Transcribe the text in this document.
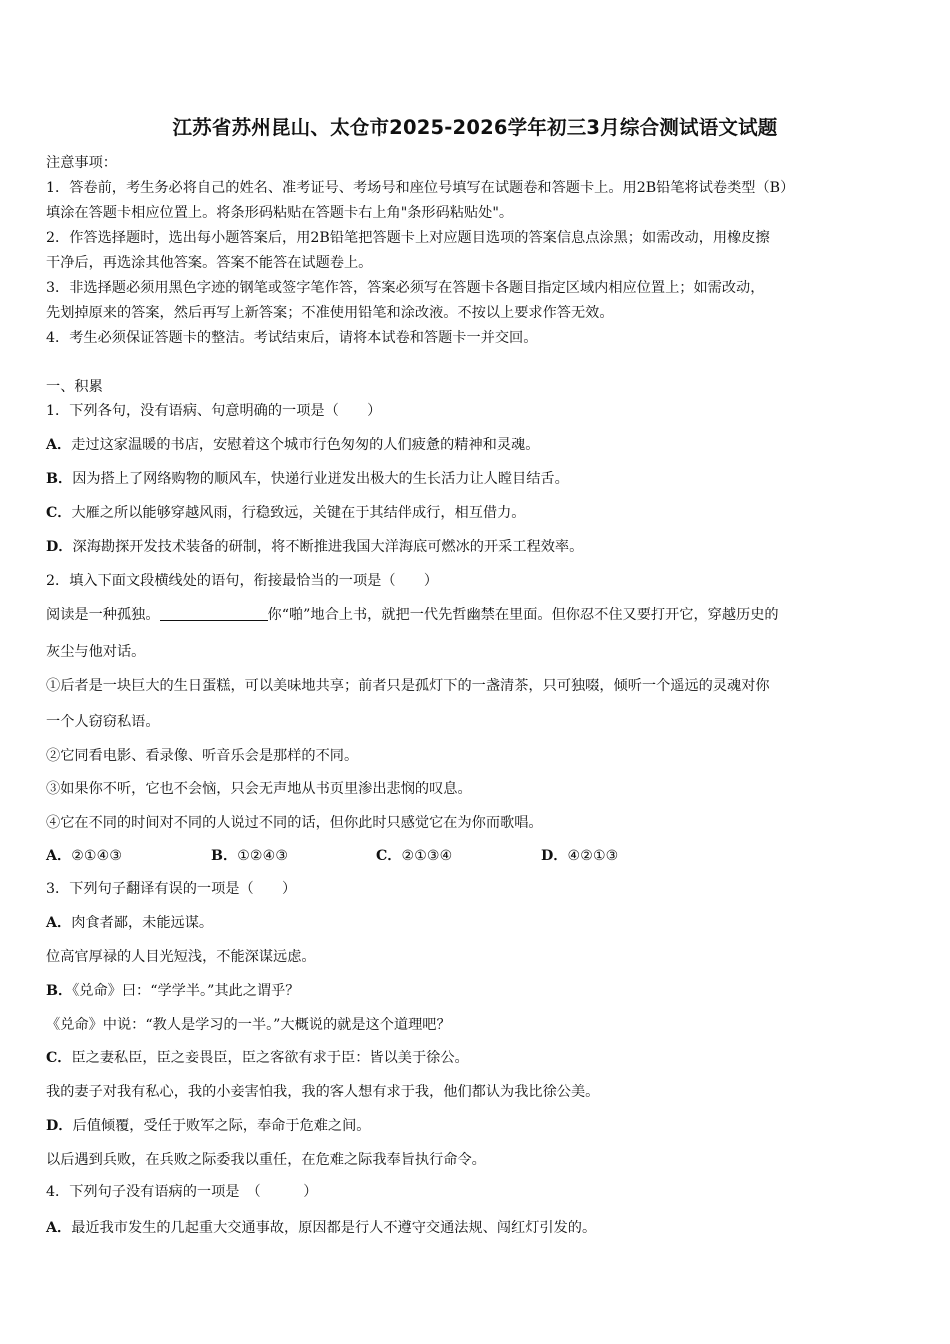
江苏省苏州昆山、太仓市2025-2026学年初三3月综合测试语文试题
注意事项：
1．答卷前，考生务必将自己的姓名、准考证号、考场号和座位号填写在试题卷和答题卡上。用2B铅笔将试卷类型（B）
填涂在答题卡相应位置上。将条形码粘贴在答题卡右上角"条形码粘贴处"。
2．作答选择题时，选出每小题答案后，用2B铅笔把答题卡上对应题目选项的答案信息点涂黑；如需改动，用橡皮擦
干净后，再选涂其他答案。答案不能答在试题卷上。
3．非选择题必须用黑色字迹的钢笔或签字笔作答，答案必须写在答题卡各题目指定区域内相应位置上；如需改动，
先划掉原来的答案，然后再写上新答案；不准使用铅笔和涂改液。不按以上要求作答无效。
4．考生必须保证答题卡的整洁。考试结束后，请将本试卷和答题卡一并交回。
一、积累
1．下列各句，没有语病、句意明确的一项是（　　）
A．走过这家温暖的书店，安慰着这个城市行色匆匆的人们疲惫的精神和灵魂。
B．因为搭上了网络购物的顺风车，快递行业迸发出极大的生长活力让人瞠目结舌。
C．大雁之所以能够穿越风雨，行稳致远，关键在于其结伴成行，相互借力。
D．深海勘探开发技术装备的研制，将不断推进我国大洋海底可燃冰的开采工程效率。
2．填入下面文段横线处的语句，衔接最恰当的一项是（　　）
阅读是一种孤独。	你“啪”地合上书，就把一代先哲幽禁在里面。但你忍不住又要打开它，穿越历史的
灰尘与他对话。
①后者是一块巨大的生日蛋糕，可以美味地共享；前者只是孤灯下的一盏清茶，只可独啜，倾听一个遥远的灵魂对你
一个人窃窃私语。
②它同看电影、看录像、听音乐会是那样的不同。
③如果你不听，它也不会恼，只会无声地从书页里渗出悲悯的叹息。
④它在不同的时间对不同的人说过不同的话，但你此时只感觉它在为你而歌唱。
A．②①④③	B．①②④③	C．②①③④	D．④②①③
3．下列句子翻译有误的一项是（　　）
A．肉食者鄙，未能远谋。
位高官厚禄的人目光短浅，不能深谋远虑。
B．《兑命》曰：“学学半。”其此之谓乎？
《兑命》中说：“教人是学习的一半。”大概说的就是这个道理吧？
C．臣之妻私臣，臣之妾畏臣，臣之客欲有求于臣：皆以美于徐公。
我的妻子对我有私心，我的小妾害怕我，我的客人想有求于我，他们都认为我比徐公美。
D．后值倾覆，受任于败军之际，奉命于危难之间。
以后遇到兵败，在兵败之际委我以重任，在危难之际我奉旨执行命令。
4．下列句子没有语病的一项是　（　　　）
A．最近我市发生的几起重大交通事故，原因都是行人不遵守交通法规、闯红灯引发的。
